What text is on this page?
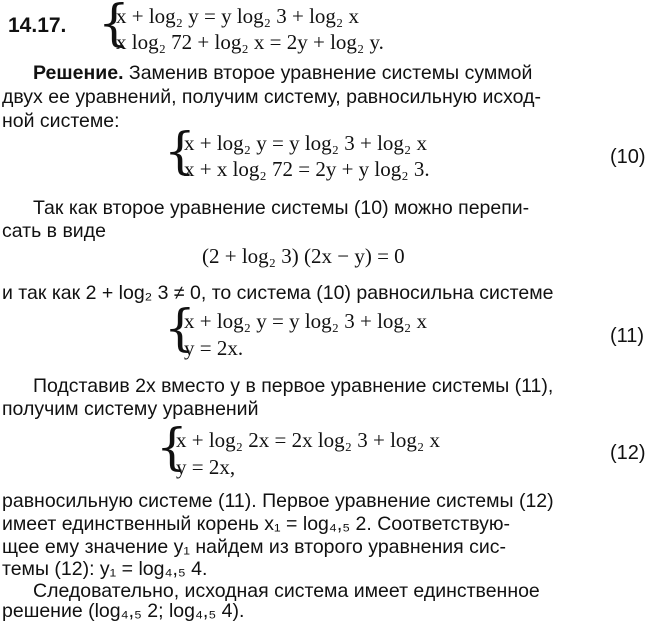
14.17. {
x + log₂ y = y log₂ 3 + log₂ x
x log₂ 72 + log₂ x = 2y + log₂ y.
Решение. Заменив второе уравнение системы суммой
двух ее уравнений, получим систему, равносильную исход-
ной системе:
{
x + log₂ y = y log₂ 3 + log₂ x
x + x log₂ 72 = 2y + y log₂ 3.	(10)
Так как второе уравнение системы (10) можно перепи-
сать в виде
(2 + log₂ 3) (2x − y) = 0
и так как 2 + log₂ 3 ≠ 0, то система (10) равносильна системе
{
x + log₂ y = y log₂ 3 + log₂ x
y = 2x.	(11)
Подставив 2x вместо y в первое уравнение системы (11),
получим систему уравнений
{
x + log₂ 2x = 2x log₂ 3 + log₂ x
y = 2x,
(12)
равносильную системе (11). Первое уравнение системы (12)
имеет единственный корень x₁ = log₄,₅ 2. Соответствую-
щее ему значение y₁ найдем из второго уравнения сис-
темы (12): y₁ = log₄,₅ 4.
Следовательно, исходная система имеет единственное
решение (log₄,₅ 2; log₄,₅ 4).
